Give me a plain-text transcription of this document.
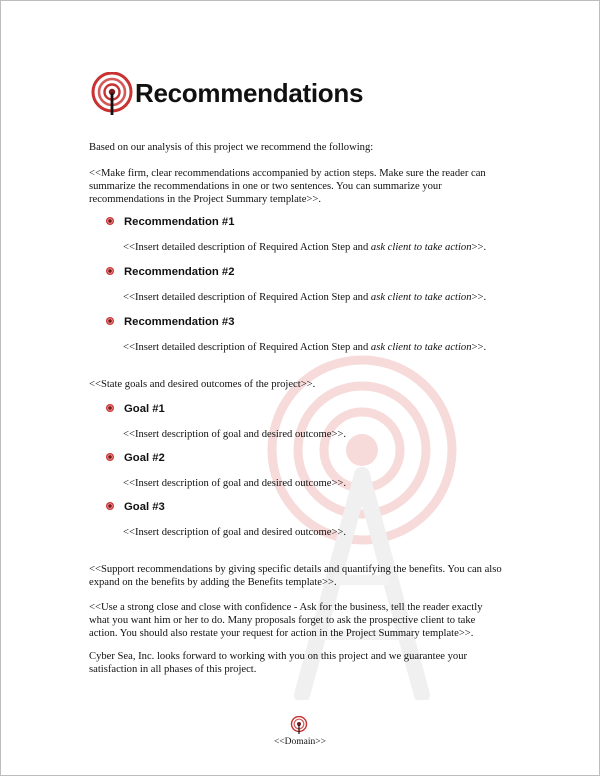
Recommendations
Based on our analysis of this project we recommend the following:
<<Make firm, clear recommendations accompanied by action steps. Make sure the reader can summarize the recommendations in one or two sentences. You can summarize your recommendations in the Project Summary template>>.
Recommendation #1
<<Insert detailed description of Required Action Step and ask client to take action>>.
Recommendation #2
<<Insert detailed description of Required Action Step and ask client to take action>>.
Recommendation #3
<<Insert detailed description of Required Action Step and ask client to take action>>.
<<State goals and desired outcomes of the project>>.
Goal #1
<<Insert description of goal and desired outcome>>.
Goal #2
<<Insert description of goal and desired outcome>>.
Goal #3
<<Insert description of goal and desired outcome>>.
<<Support recommendations by giving specific details and quantifying the benefits. You can also expand on the benefits by adding the Benefits template>>.
<<Use a strong close and close with confidence - Ask for the business, tell the reader exactly what you want him or her to do. Many proposals forget to ask the prospective client to take action. You should also restate your request for action in the Project Summary template>>.
Cyber Sea, Inc. looks forward to working with you on this project and we guarantee your satisfaction in all phases of this project.
<<Domain>>
